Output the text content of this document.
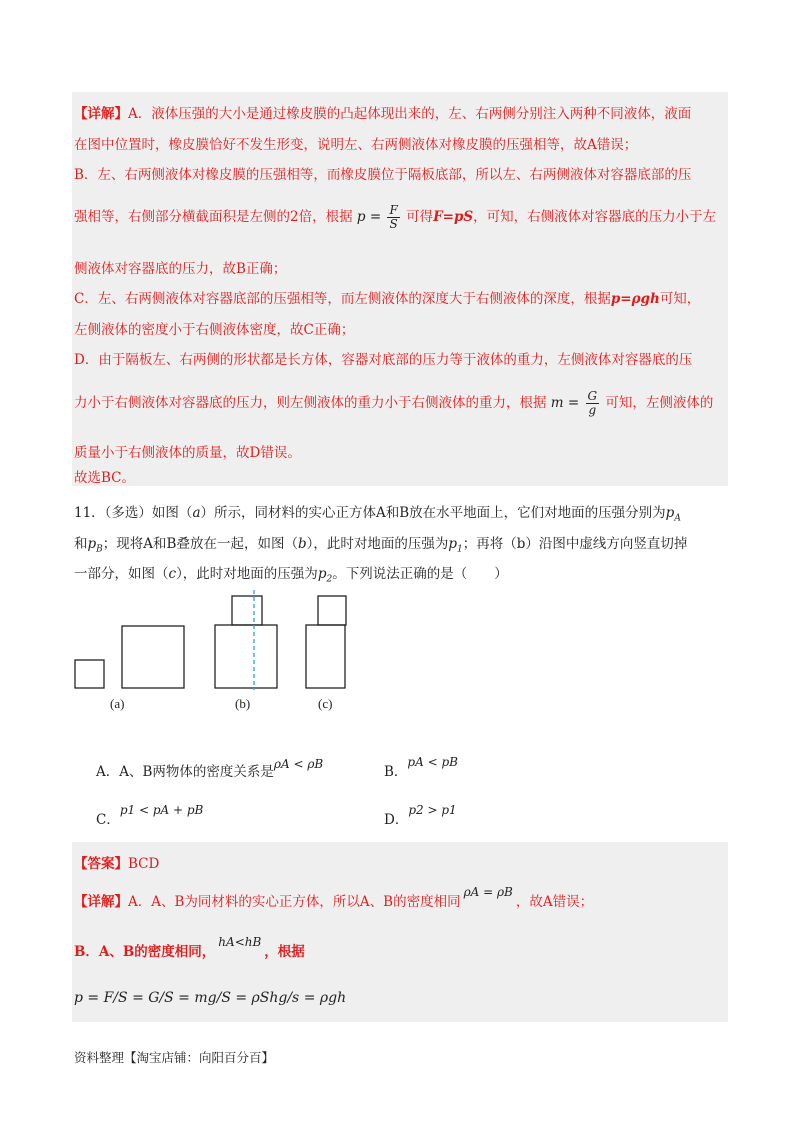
【详解】A．液体压强的大小是通过橡皮膜的凸起体现出来的，左、右两侧分别注入两种不同液体，液面
在图中位置时，橡皮膜恰好不发生形变，说明左、右两侧液体对橡皮膜的压强相等，故A错误；
B．左、右两侧液体对橡皮膜的压强相等，而橡皮膜位于隔板底部，所以左、右两侧液体对容器底部的压
强相等，右侧部分横截面积是左侧的2倍，根据 $p = \frac{F}{S}$ 可得F=pS，可知，右侧液体对容器底的压力小于左
侧液体对容器底的压力，故B正确；
C．左、右两侧液体对容器底部的压强相等，而左侧液体的深度大于右侧液体的深度，根据p=ρgh可知，
左侧液体的密度小于右侧液体密度，故C正确；
D．由于隔板左、右两侧的形状都是长方体，容器对底部的压力等于液体的重力，左侧液体对容器底的压
力小于右侧液体对容器底的压力，则左侧液体的重力小于右侧液体的重力，根据 $m = \frac{G}{g}$ 可知，左侧液体的
质量小于右侧液体的质量，故D错误。
故选BC。
11．（多选）如图（a）所示，同材料的实心正方体A和B放在水平地面上，它们对地面的压强分别为$p_A$
和$p_B$；现将A和B叠放在一起，如图（b），此时对地面的压强为$p_1$；再将（b）沿图中虚线方向竖直切掉
一部分，如图（c），此时对地面的压强为$p_2$。下列说法正确的是（　　）
(a)	(b)	(c)
A．A、B两物体的密度关系是ρA < ρB	B．pA < pB
C．p1 < pA + pB
D．p2 > p1
【答案】BCD
【详解】A．A、B为同材料的实心正方体，所以A、B的密度相同ρA = ρB，故A错误；
B．A、B的密度相同，hA<hB，根据
p = F/S = G/S = mg/S = ρShg/s = ρgh
资料整理【淘宝店铺：向阳百分百】
